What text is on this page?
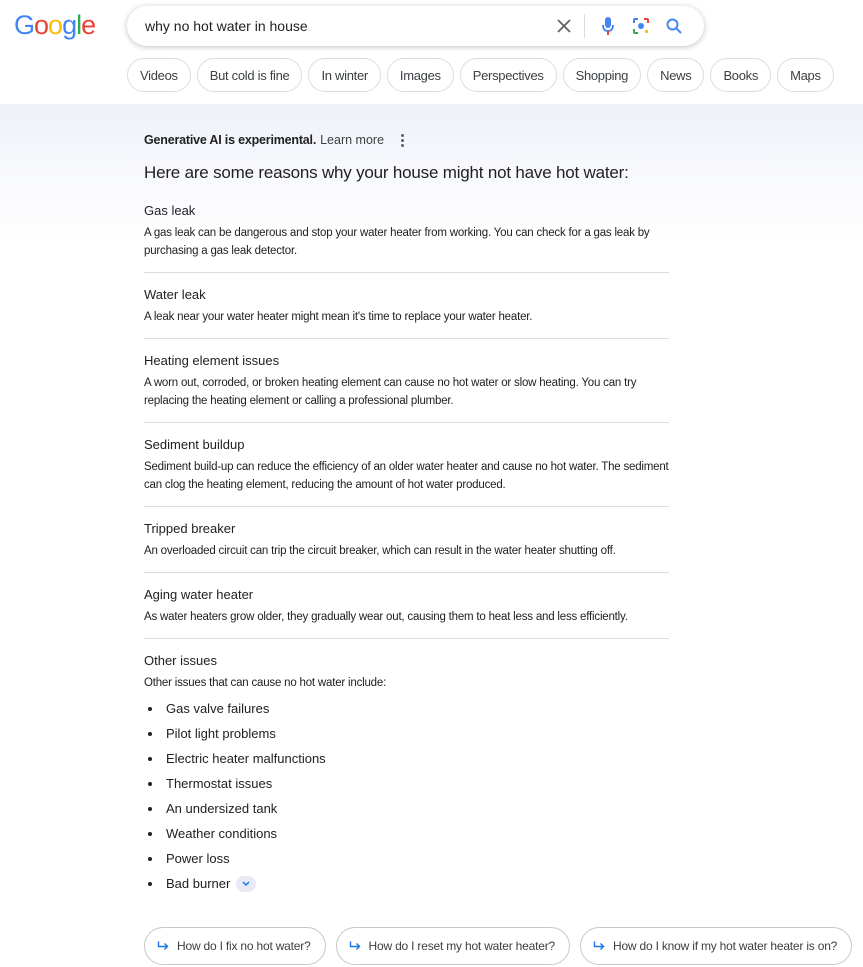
Google
why no hot water in house
Videos	But cold is fine	In winter	Images	Perspectives	Shopping	News	Books	Maps
Generative AI is experimental. Learn more
Here are some reasons why your house might not have hot water:
Gas leak

A gas leak can be dangerous and stop your water heater from working. You can check for a gas leak by purchasing a gas leak detector.

Water leak

A leak near your water heater might mean it's time to replace your water heater.

Heating element issues

A worn out, corroded, or broken heating element can cause no hot water or slow heating. You can try replacing the heating element or calling a professional plumber.

Sediment buildup

Sediment build-up can reduce the efficiency of an older water heater and cause no hot water. The sediment can clog the heating element, reducing the amount of hot water produced.

Tripped breaker

An overloaded circuit can trip the circuit breaker, which can result in the water heater shutting off.

Aging water heater

As water heaters grow older, they gradually wear out, causing them to heat less and less efficiently.

Other issues

Other issues that can cause no hot water include:

Gas valve failures
Pilot light problems
Electric heater malfunctions
Thermostat issues
An undersized tank
Weather conditions
Power loss
Bad burner
How do I fix no hot water?	How do I reset my hot water heater?	How do I know if my hot water heater is on?
